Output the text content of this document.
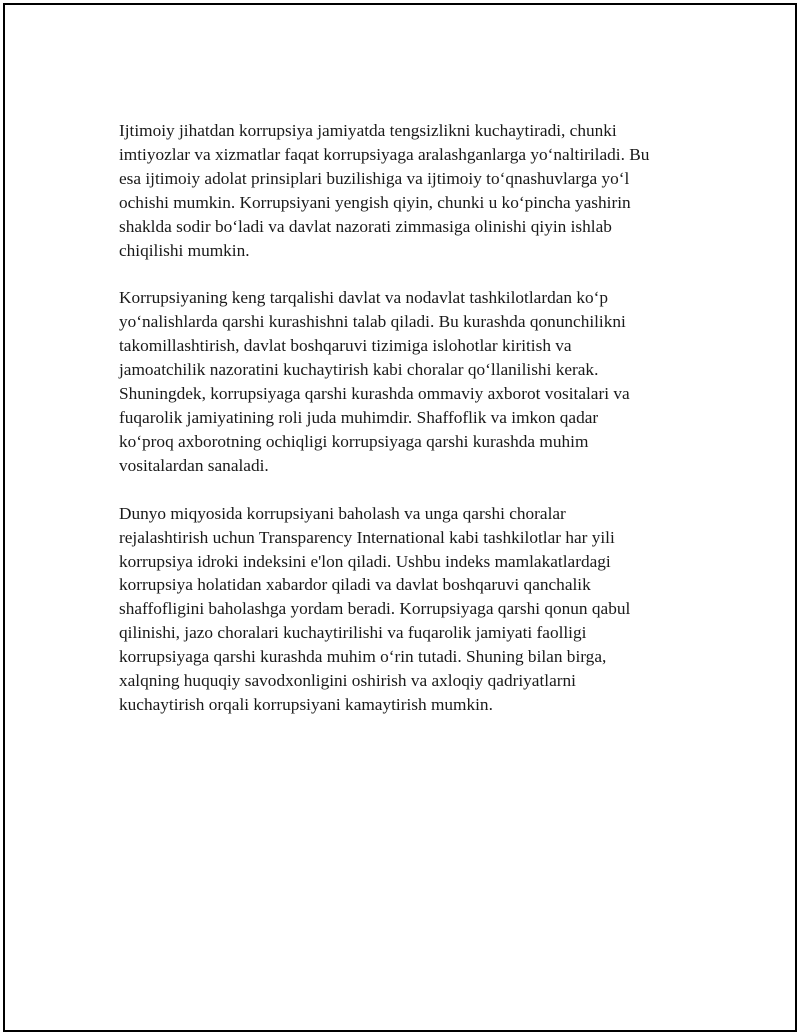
Ijtimoiy jihatdan korrupsiya jamiyatda tengsizlikni kuchaytiradi, chunki
imtiyozlar va xizmatlar faqat korrupsiyaga aralashganlarga yo‘naltiriladi. Bu
esa ijtimoiy adolat prinsiplari buzilishiga va ijtimoiy to‘qnashuvlarga yo‘l
ochishi mumkin. Korrupsiyani yengish qiyin, chunki u ko‘pincha yashirin
shaklda sodir bo‘ladi va davlat nazorati zimmasiga olinishi qiyin ishlab
chiqilishi mumkin.

Korrupsiyaning keng tarqalishi davlat va nodavlat tashkilotlardan ko‘p
yo‘nalishlarda qarshi kurashishni talab qiladi. Bu kurashda qonunchilikni
takomillashtirish, davlat boshqaruvi tizimiga islohotlar kiritish va
jamoatchilik nazoratini kuchaytirish kabi choralar qo‘llanilishi kerak.
Shuningdek, korrupsiyaga qarshi kurashda ommaviy axborot vositalari va
fuqarolik jamiyatining roli juda muhimdir. Shaffoflik va imkon qadar
ko‘proq axborotning ochiqligi korrupsiyaga qarshi kurashda muhim
vositalardan sanaladi.

Dunyo miqyosida korrupsiyani baholash va unga qarshi choralar
rejalashtirish uchun Transparency International kabi tashkilotlar har yili
korrupsiya idroki indeksini e'lon qiladi. Ushbu indeks mamlakatlardagi
korrupsiya holatidan xabardor qiladi va davlat boshqaruvi qanchalik
shaffofligini baholashga yordam beradi. Korrupsiyaga qarshi qonun qabul
qilinishi, jazo choralari kuchaytirilishi va fuqarolik jamiyati faolligi
korrupsiyaga qarshi kurashda muhim o‘rin tutadi. Shuning bilan birga,
xalqning huquqiy savodxonligini oshirish va axloqiy qadriyatlarni
kuchaytirish orqali korrupsiyani kamaytirish mumkin.
